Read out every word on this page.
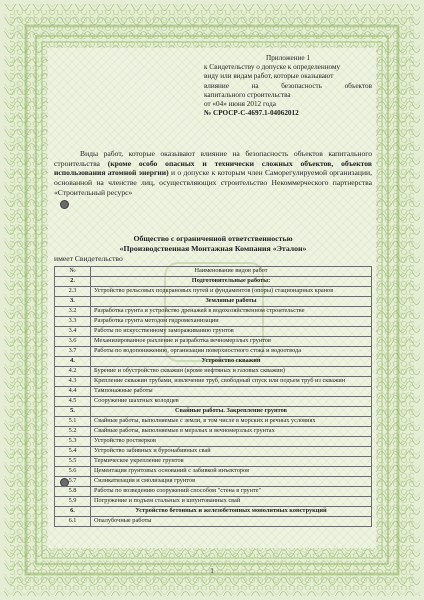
Приложение 1
к Свидетельству о допуске к определенному
виду или видам работ, которые оказывают
влияние на безопасность объектов
капитального строительства
от «04» июня 2012 года
№ СРОСР-С-4697.1-04062012
Виды работ, которые оказывают влияние на безопасность объектов капитального строительства (кроме особо опасных и технически сложных объектов, объектов использования атомной энергии) и о допуске к которым член Саморегулируемой организации, основанной на членстве лиц, осуществляющих строительство Некоммерческого партнерства «Строительный ресурс»
Общество с ограниченной ответственностью
«Производственная Монтажная Компания «Эталон»
имеет Свидетельство
№	Наименование видов работ
2.	Подготовительные работы:
2.3	Устройство рельсовых подкрановых путей и фундаментов (опоры) стационарных кранов
3.	Земляные работы
3.2	Разработка грунта и устройство дренажей в водохозяйственном строительстве
3.3	Разработка грунта методом гидромеханизации
3.4	Работы по искусственному замораживанию грунтов
3.6	Механизированное рыхление и разработка вечномерзлых грунтов
3.7	Работы по водопонижению, организации поверхностного стока и водоотвода
4.	Устройство скважин
4.2	Бурение и обустройство скважин (кроме нефтяных и газовых скважин)
4.3	Крепление скважин трубами, извлечение труб, свободный спуск или подъем труб из скважин
4.4	Тампонажные работы
4.5	Сооружение шахтных колодцев
5.	Свайные работы. Закрепление грунтов
5.1	Свайные работы, выполняемые с земли, в том числе в морских и речных условиях
5.2	Свайные работы, выполняемые в мерзлых и вечномерзлых грунтах
5.3	Устройство ростверков
5.4	Устройство забивных и буронабивных свай
5.5	Термическое укрепление грунтов
5.6	Цементация грунтовых оснований с забивкой инъекторов
5.7	Силикатизация и смолизация грунтов
5.8	Работы по возведению сооружений способом "стена в грунте"
5.9	Погружение и подъем стальных и шпунтованных свай
6.	Устройство бетонных и железобетонных монолитных конструкций
6.1	Опалубочные работы
1
